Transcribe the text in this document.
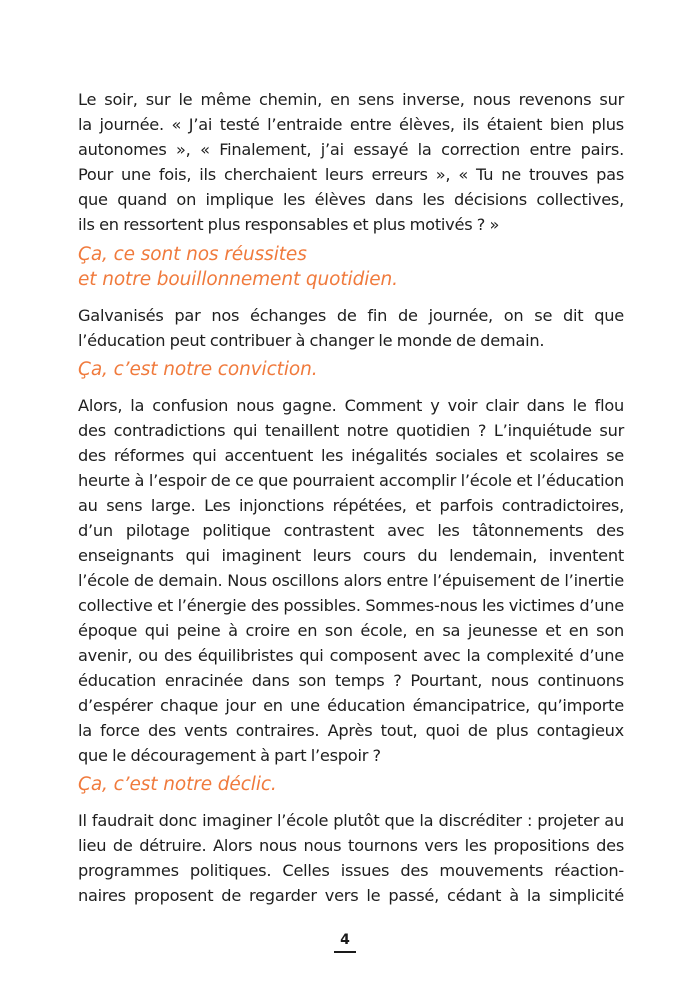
Le soir, sur le même chemin, en sens inverse, nous revenons sur
la journée. « J’ai testé l’entraide entre élèves, ils étaient bien plus
autonomes », « Finalement, j’ai essayé la correction entre pairs.
Pour une fois, ils cherchaient leurs erreurs », « Tu ne trouves pas
que quand on implique les élèves dans les décisions collectives,
ils en ressortent plus responsables et plus motivés ? »

Ça, ce sont nos réussites
et notre bouillonnement quotidien.

Galvanisés par nos échanges de fin de journée, on se dit que
l’éducation peut contribuer à changer le monde de demain.

Ça, c’est notre conviction.

Alors, la confusion nous gagne. Comment y voir clair dans le flou
des contradictions qui tenaillent notre quotidien ? L’inquiétude sur
des réformes qui accentuent les inégalités sociales et scolaires se
heurte à l’espoir de ce que pourraient accomplir l’école et l’éducation
au sens large. Les injonctions répétées, et parfois contradictoires,
d’un pilotage politique contrastent avec les tâtonnements des
enseignants qui imaginent leurs cours du lendemain, inventent
l’école de demain. Nous oscillons alors entre l’épuisement de l’inertie
collective et l’énergie des possibles. Sommes-nous les victimes d’une
époque qui peine à croire en son école, en sa jeunesse et en son
avenir, ou des équilibristes qui composent avec la complexité d’une
éducation enracinée dans son temps ? Pourtant, nous continuons
d’espérer chaque jour en une éducation émancipatrice, qu’importe
la force des vents contraires. Après tout, quoi de plus contagieux
que le découragement à part l’espoir ?

Ça, c’est notre déclic.

Il faudrait donc imaginer l’école plutôt que la discréditer : projeter au
lieu de détruire. Alors nous nous tournons vers les propositions des
programmes politiques. Celles issues des mouvements réaction-
naires proposent de regarder vers le passé, cédant à la simplicité

4
